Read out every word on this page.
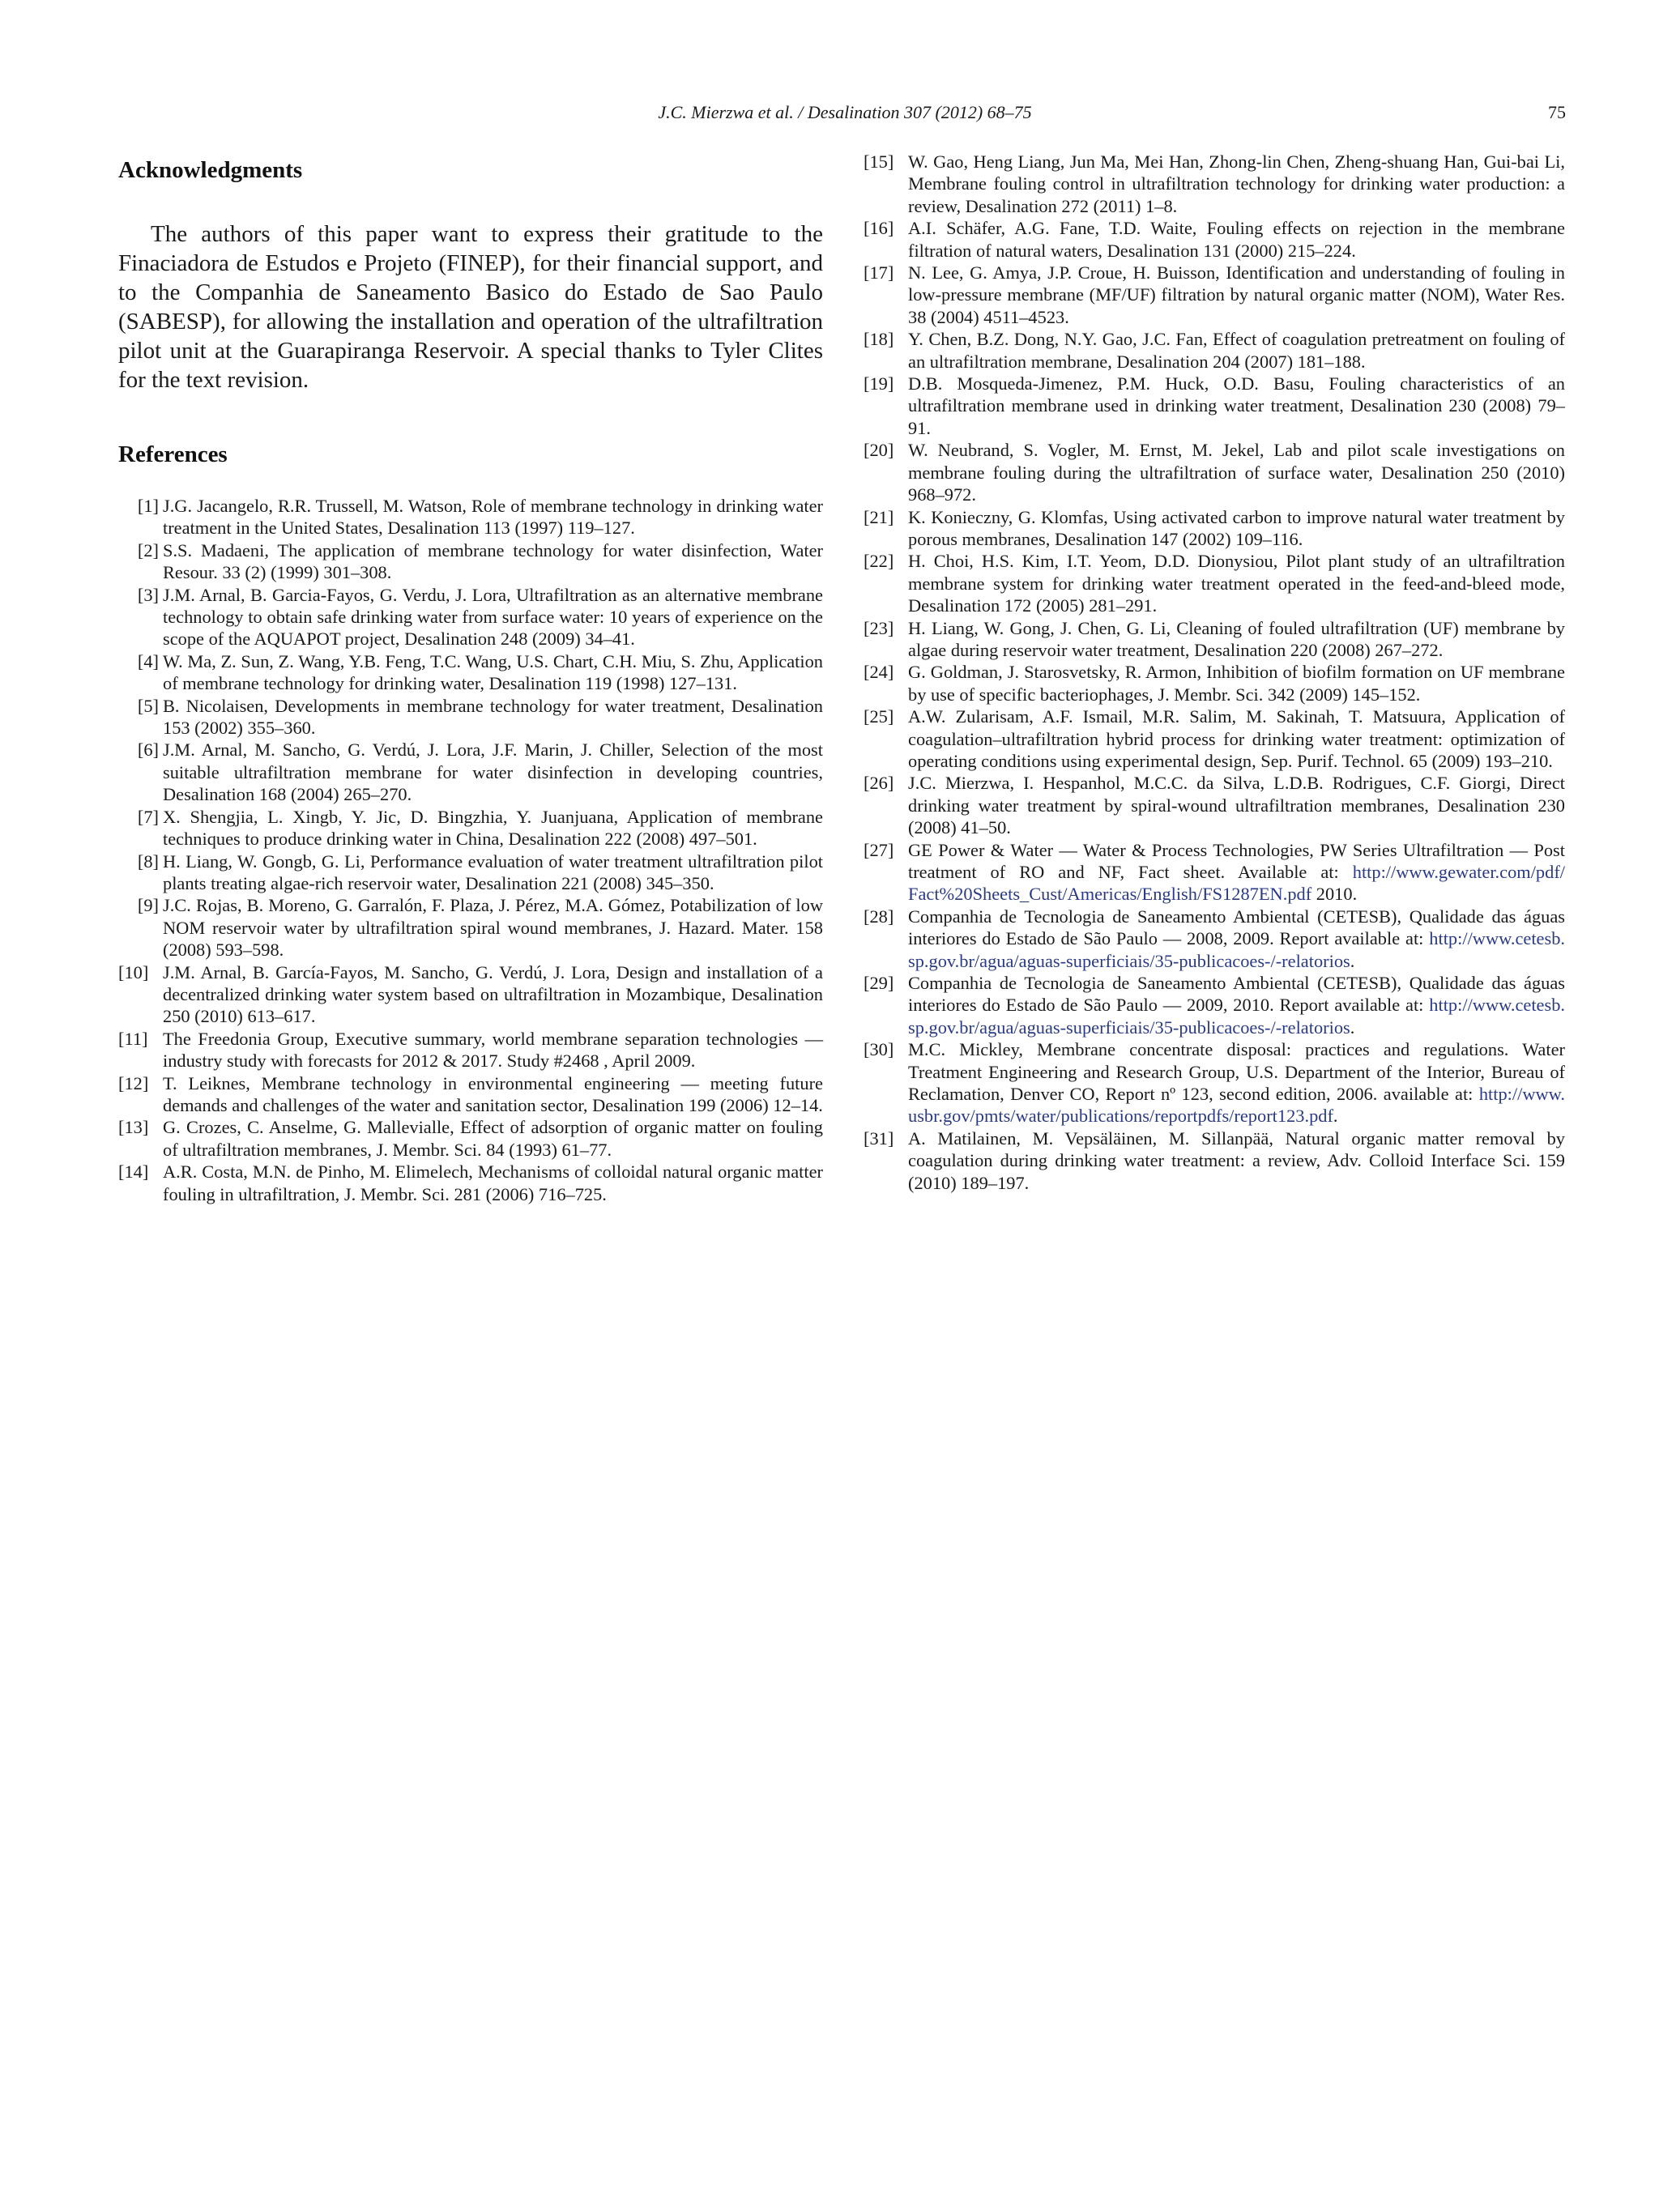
J.C. Mierzwa et al. / Desalination 307 (2012) 68–75	75
Acknowledgments

The authors of this paper want to express their gratitude to the Finaciadora de Estudos e Projeto (FINEP), for their financial support, and to the Companhia de Saneamento Basico do Estado de Sao Paulo (SABESP), for allowing the installation and operation of the ultrafiltration pilot unit at the Guarapiranga Reservoir. A special thanks to Tyler Clites for the text revision.

References
[1] J.G. Jacangelo, R.R. Trussell, M. Watson, Role of membrane technology in drinking water treatment in the United States, Desalination 113 (1997) 119–127.
[2] S.S. Madaeni, The application of membrane technology for water disinfection, Water Resour. 33 (2) (1999) 301–308.
[3] J.M. Arnal, B. Garcia-Fayos, G. Verdu, J. Lora, Ultrafiltration as an alternative membrane technology to obtain safe drinking water from surface water: 10 years of experience on the scope of the AQUAPOT project, Desalination 248 (2009) 34–41.
[4] W. Ma, Z. Sun, Z. Wang, Y.B. Feng, T.C. Wang, U.S. Chart, C.H. Miu, S. Zhu, Application of membrane technology for drinking water, Desalination 119 (1998) 127–131.
[5] B. Nicolaisen, Developments in membrane technology for water treatment, Desalination 153 (2002) 355–360.
[6] J.M. Arnal, M. Sancho, G. Verdú, J. Lora, J.F. Marin, J. Chiller, Selection of the most suitable ultrafiltration membrane for water disinfection in developing countries, Desalination 168 (2004) 265–270.
[7] X. Shengjia, L. Xingb, Y. Jic, D. Bingzhia, Y. Juanjuana, Application of membrane techniques to produce drinking water in China, Desalination 222 (2008) 497–501.
[8] H. Liang, W. Gongb, G. Li, Performance evaluation of water treatment ultrafiltration pilot plants treating algae-rich reservoir water, Desalination 221 (2008) 345–350.
[9] J.C. Rojas, B. Moreno, G. Garralón, F. Plaza, J. Pérez, M.A. Gómez, Potabilization of low NOM reservoir water by ultrafiltration spiral wound membranes, J. Hazard. Mater. 158 (2008) 593–598.
[10] J.M. Arnal, B. García-Fayos, M. Sancho, G. Verdú, J. Lora, Design and installation of a decentralized drinking water system based on ultrafiltration in Mozambique, Desalination 250 (2010) 613–617.
[11] The Freedonia Group, Executive summary, world membrane separation technologies — industry study with forecasts for 2012 & 2017. Study #2468 , April 2009.
[12] T. Leiknes, Membrane technology in environmental engineering — meeting future demands and challenges of the water and sanitation sector, Desalination 199 (2006) 12–14.
[13] G. Crozes, C. Anselme, G. Mallevialle, Effect of adsorption of organic matter on fouling of ultrafiltration membranes, J. Membr. Sci. 84 (1993) 61–77.
[14] A.R. Costa, M.N. de Pinho, M. Elimelech, Mechanisms of colloidal natural organic matter fouling in ultrafiltration, J. Membr. Sci. 281 (2006) 716–725.
[15] W. Gao, Heng Liang, Jun Ma, Mei Han, Zhong-lin Chen, Zheng-shuang Han, Gui-bai Li, Membrane fouling control in ultrafiltration technology for drinking water production: a review, Desalination 272 (2011) 1–8.
[16] A.I. Schäfer, A.G. Fane, T.D. Waite, Fouling effects on rejection in the membrane filtration of natural waters, Desalination 131 (2000) 215–224.
[17] N. Lee, G. Amya, J.P. Croue, H. Buisson, Identification and understanding of fouling in low-pressure membrane (MF/UF) filtration by natural organic matter (NOM), Water Res. 38 (2004) 4511–4523.
[18] Y. Chen, B.Z. Dong, N.Y. Gao, J.C. Fan, Effect of coagulation pretreatment on fouling of an ultrafiltration membrane, Desalination 204 (2007) 181–188.
[19] D.B. Mosqueda-Jimenez, P.M. Huck, O.D. Basu, Fouling characteristics of an ultrafiltration membrane used in drinking water treatment, Desalination 230 (2008) 79–91.
[20] W. Neubrand, S. Vogler, M. Ernst, M. Jekel, Lab and pilot scale investigations on membrane fouling during the ultrafiltration of surface water, Desalination 250 (2010) 968–972.
[21] K. Konieczny, G. Klomfas, Using activated carbon to improve natural water treatment by porous membranes, Desalination 147 (2002) 109–116.
[22] H. Choi, H.S. Kim, I.T. Yeom, D.D. Dionysiou, Pilot plant study of an ultrafiltration membrane system for drinking water treatment operated in the feed-and-bleed mode, Desalination 172 (2005) 281–291.
[23] H. Liang, W. Gong, J. Chen, G. Li, Cleaning of fouled ultrafiltration (UF) membrane by algae during reservoir water treatment, Desalination 220 (2008) 267–272.
[24] G. Goldman, J. Starosvetsky, R. Armon, Inhibition of biofilm formation on UF membrane by use of specific bacteriophages, J. Membr. Sci. 342 (2009) 145–152.
[25] A.W. Zularisam, A.F. Ismail, M.R. Salim, M. Sakinah, T. Matsuura, Application of coagulation–ultrafiltration hybrid process for drinking water treatment: optimization of operating conditions using experimental design, Sep. Purif. Technol. 65 (2009) 193–210.
[26] J.C. Mierzwa, I. Hespanhol, M.C.C. da Silva, L.D.B. Rodrigues, C.F. Giorgi, Direct drinking water treatment by spiral-wound ultrafiltration membranes, Desalination 230 (2008) 41–50.
[27] GE Power & Water — Water & Process Technologies, PW Series Ultrafiltration — Post treatment of RO and NF, Fact sheet. Available at: http://www.gewater.com/pdf/Fact%20Sheets_Cust/Americas/English/FS1287EN.pdf 2010.
[28] Companhia de Tecnologia de Saneamento Ambiental (CETESB), Qualidade das águas interiores do Estado de São Paulo — 2008, 2009. Report available at: http://www.cetesb.sp.gov.br/agua/aguas-superficiais/35-publicacoes-/-relatorios.
[29] Companhia de Tecnologia de Saneamento Ambiental (CETESB), Qualidade das águas interiores do Estado de São Paulo — 2009, 2010. Report available at: http://www.cetesb.sp.gov.br/agua/aguas-superficiais/35-publicacoes-/-relatorios.
[30] M.C. Mickley, Membrane concentrate disposal: practices and regulations. Water Treatment Engineering and Research Group, U.S. Department of the Interior, Bureau of Reclamation, Denver CO, Report nº 123, second edition, 2006. available at: http://www.usbr.gov/pmts/water/publications/reportpdfs/report123.pdf.
[31] A. Matilainen, M. Vepsäläinen, M. Sillanpää, Natural organic matter removal by coagulation during drinking water treatment: a review, Adv. Colloid Interface Sci. 159 (2010) 189–197.
